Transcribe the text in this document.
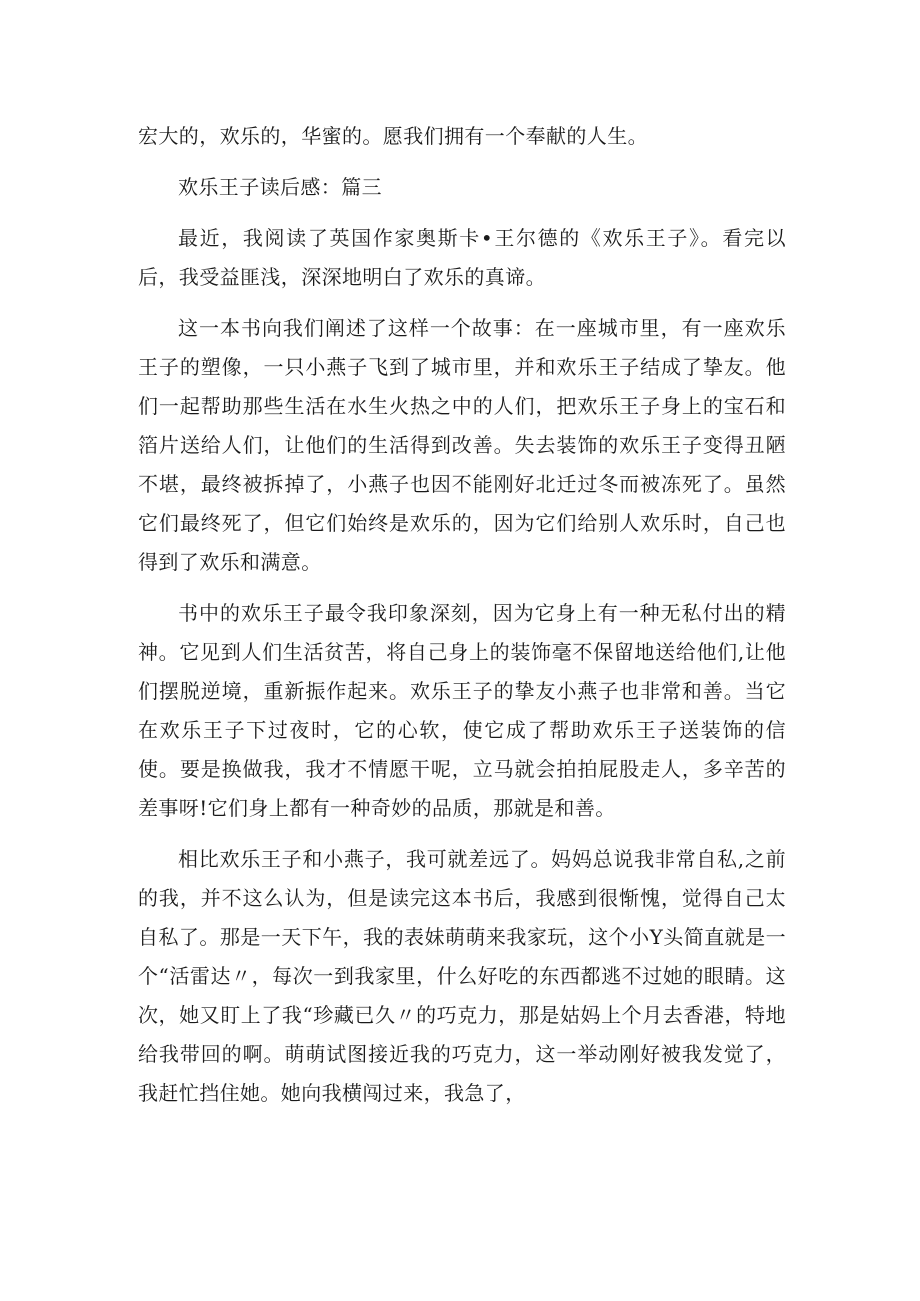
宏大的，欢乐的，华蜜的。愿我们拥有一个奉献的人生。

欢乐王子读后感：篇三

最近，我阅读了英国作家奥斯卡•王尔德的《欢乐王子》。看完以后，我受益匪浅，深深地明白了欢乐的真谛。

这一本书向我们阐述了这样一个故事：在一座城市里，有一座欢乐王子的塑像，一只小燕子飞到了城市里，并和欢乐王子结成了挚友。他们一起帮助那些生活在水生火热之中的人们，把欢乐王子身上的宝石和箔片送给人们，让他们的生活得到改善。失去装饰的欢乐王子变得丑陋不堪，最终被拆掉了，小燕子也因不能刚好北迁过冬而被冻死了。虽然它们最终死了，但它们始终是欢乐的，因为它们给别人欢乐时，自己也得到了欢乐和满意。

书中的欢乐王子最令我印象深刻，因为它身上有一种无私付出的精神。它见到人们生活贫苦，将自己身上的装饰毫不保留地送给他们,让他们摆脱逆境，重新振作起来。欢乐王子的挚友小燕子也非常和善。当它在欢乐王子下过夜时，它的心软，使它成了帮助欢乐王子送装饰的信使。要是换做我，我才不情愿干呢，立马就会拍拍屁股走人，多辛苦的差事呀!它们身上都有一种奇妙的品质，那就是和善。

相比欢乐王子和小燕子，我可就差远了。妈妈总说我非常自私,之前的我，并不这么认为，但是读完这本书后，我感到很惭愧，觉得自己太自私了。那是一天下午，我的表妹萌萌来我家玩，这个小Y头简直就是一个“活雷达〃，每次一到我家里，什么好吃的东西都逃不过她的眼睛。这次，她又盯上了我“珍藏已久〃的巧克力，那是姑妈上个月去香港，特地给我带回的啊。萌萌试图接近我的巧克力，这一举动刚好被我发觉了，我赶忙挡住她。她向我横闯过来，我急了，
